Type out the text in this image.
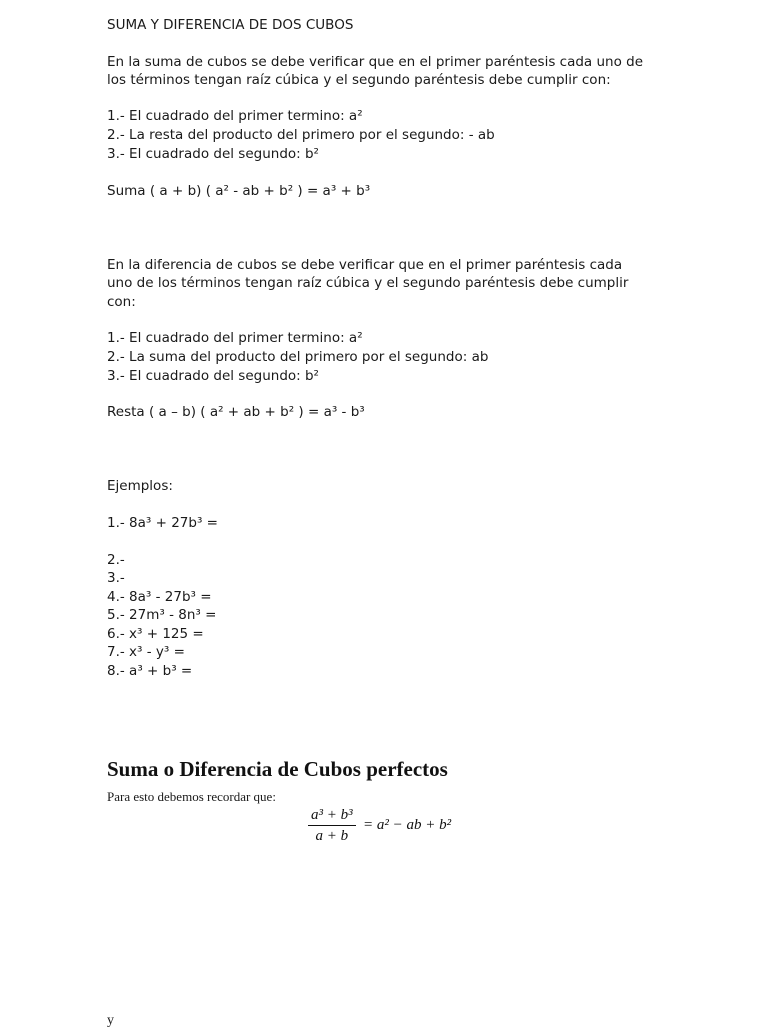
SUMA Y DIFERENCIA DE DOS CUBOS
En la suma de cubos se debe verificar que en el primer paréntesis cada uno de
los términos tengan raíz cúbica y el segundo paréntesis debe cumplir con:
1.- El cuadrado del primer termino: a²
2.- La resta del producto del primero por el segundo: - ab
3.- El cuadrado del segundo: b²
Suma ( a + b) ( a² - ab + b² ) = a³ + b³
En la diferencia de cubos se debe verificar que en el primer paréntesis cada
uno de los términos tengan raíz cúbica y el segundo paréntesis debe cumplir
con:
1.- El cuadrado del primer termino: a²
2.- La suma del producto del primero por el segundo: ab
3.- El cuadrado del segundo: b²
Resta ( a – b) ( a² + ab + b² ) = a³ - b³
Ejemplos:
1.- 8a³ + 27b³ =
2.-
3.-
4.- 8a³ - 27b³ =
5.- 27m³ - 8n³ =
6.- x³ + 125 =
7.- x³ - y³ =
8.- a³ + b³ =
Suma o Diferencia de Cubos perfectos
Para esto debemos recordar que:
$\frac{\text{a³ + b³}}{a + b} = a^2$ − ab + b²
y
